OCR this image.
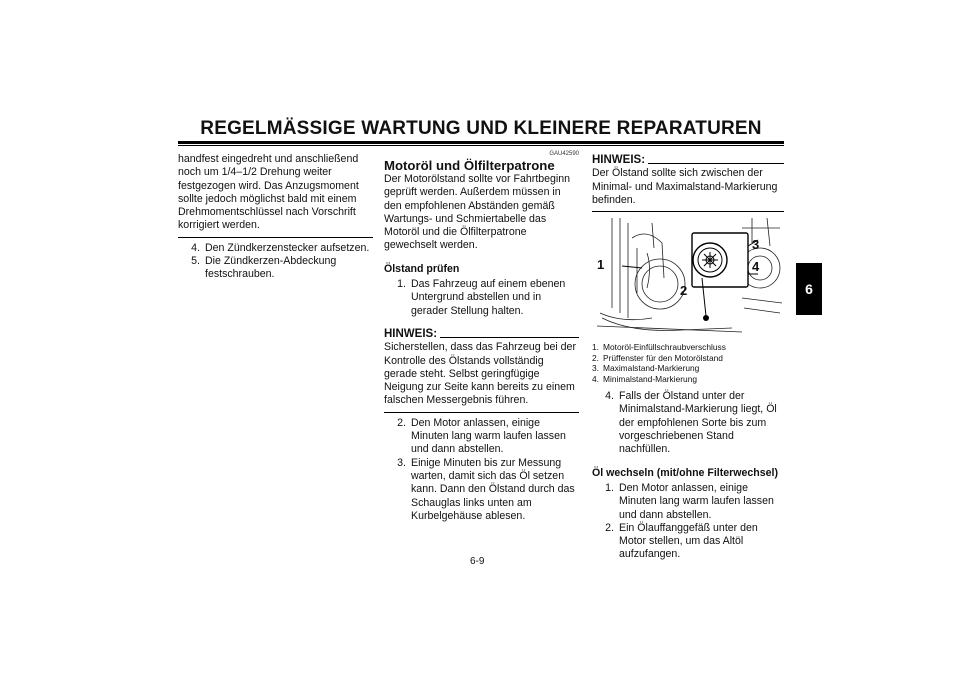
REGELMÄSSIGE WARTUNG UND KLEINERE REPARATUREN

handfest eingedreht und anschließend noch um 1/4–1/2 Drehung weiter festgezogen wird. Das Anzugsmoment sollte jedoch möglichst bald mit einem Drehmomentschlüssel nach Vorschrift korrigiert werden.

4. Den Zündkerzenstecker aufsetzen.
5. Die Zündkerzen-Abdeckung festschrauben.
GAU42590
Motoröl und Ölfilterpatrone

Der Motorölstand sollte vor Fahrtbeginn geprüft werden. Außerdem müssen in den empfohlenen Abständen gemäß Wartungs- und Schmiertabelle das Motoröl und die Ölfilterpatrone gewechselt werden.

Ölstand prüfen
1. Das Fahrzeug auf einem ebenen Untergrund abstellen und in gerader Stellung halten.
HINWEIS:

Sicherstellen, dass das Fahrzeug bei der Kontrolle des Ölstands vollständig gerade steht. Selbst geringfügige Neigung zur Seite kann bereits zu einem falschen Messergebnis führen.

2. Den Motor anlassen, einige Minuten lang warm laufen lassen und dann abstellen.
3. Einige Minuten bis zur Messung warten, damit sich das Öl setzen kann. Dann den Ölstand durch das Schauglas links unten am Kurbelgehäuse ablesen.
HINWEIS:

Der Ölstand sollte sich zwischen der Minimal- und Maximalstand-Markierung befinden.

1
2
3
4
1. Motoröl-Einfüllschraubverschluss
2. Prüffenster für den Motorölstand
3. Maximalstand-Markierung
4. Minimalstand-Markierung
4. Falls der Ölstand unter der Minimalstand-Markierung liegt, Öl der empfohlenen Sorte bis zum vorgeschriebenen Stand nachfüllen.
Öl wechseln (mit/ohne Filterwechsel)
1. Den Motor anlassen, einige Minuten lang warm laufen lassen und dann abstellen.
2. Ein Ölauffanggefäß unter den Motor stellen, um das Altöl aufzufangen.
6
6-9
